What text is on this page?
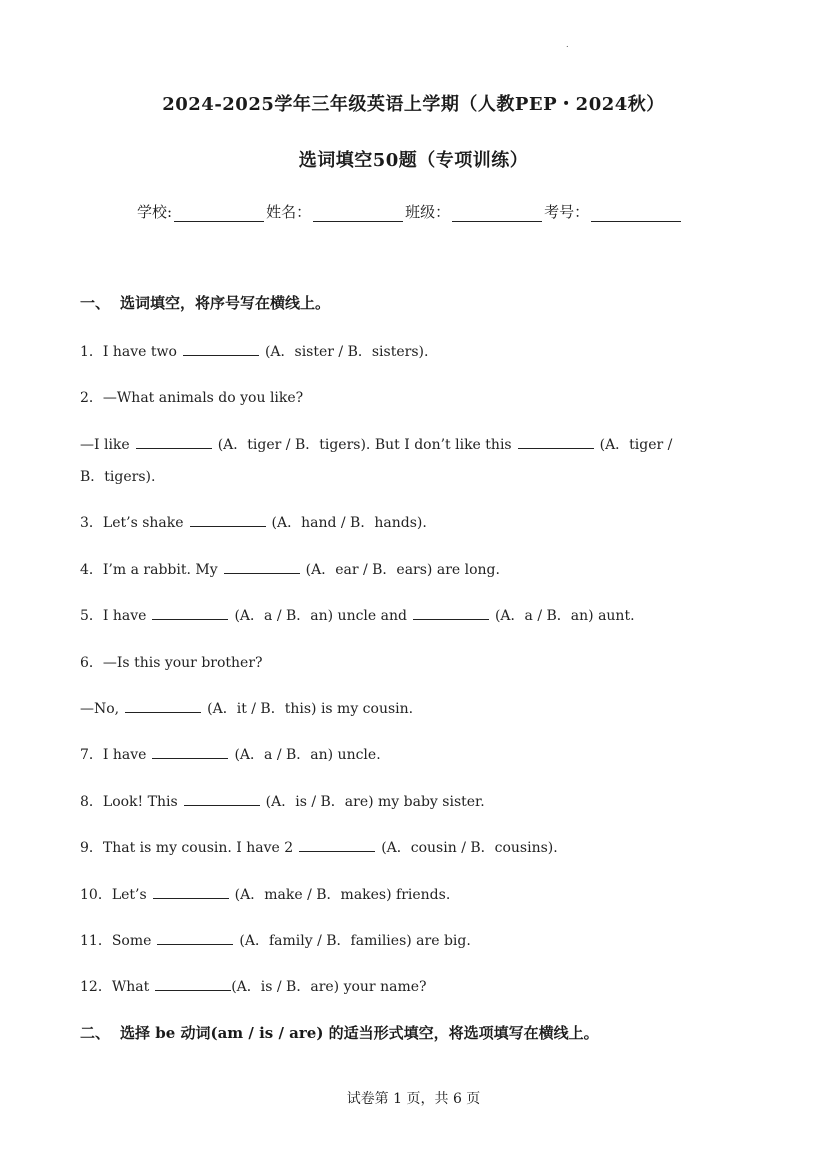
.
2024-2025学年三年级英语上学期（人教PEP・2024秋）
选词填空50题（专项训练）
学校:	姓名：	班级：	考号：
一、 选词填空，将序号写在横线上。
1．I have two	(A．sister / B．sisters).
2．—What animals do you like?
—I like	(A．tiger / B．tigers). But I don’t like this	(A．tiger /
B．tigers).
3．Let’s shake	(A．hand / B．hands).
4．I’m a rabbit. My	(A．ear / B．ears) are long.
5．I have	(A．a / B．an) uncle and	(A．a / B．an) aunt.
6．—Is this your brother?
—No,	(A．it / B．this) is my cousin.
7．I have	(A．a / B．an) uncle.
8．Look! This	(A．is / B．are) my baby sister.
9．That is my cousin. I have 2	(A．cousin / B．cousins).
10．Let’s	(A．make / B．makes) friends.
11．Some	(A．family / B．families) are big.
12．What	(A．is / B．are) your name?
二、 选择 be 动词(am / is / are) 的适当形式填空，将选项填写在横线上。
试卷第 1 页，共 6 页
